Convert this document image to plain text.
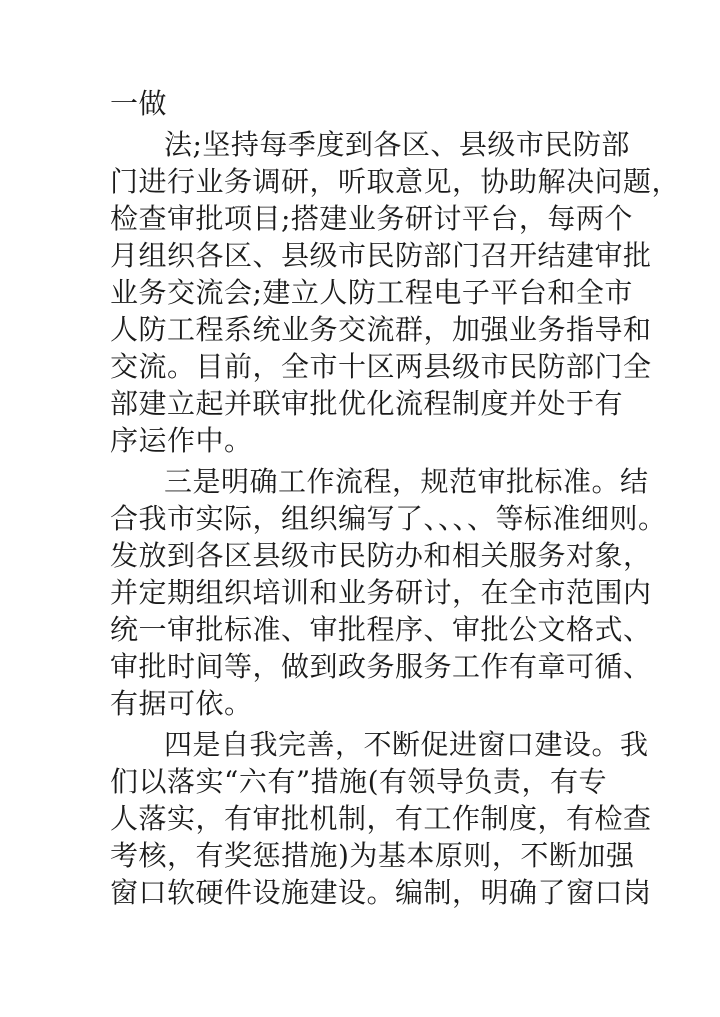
一做
法;坚持每季度到各区、县级市民防部
门进行业务调研，听取意见，协助解决问题，
检查审批项目;搭建业务研讨平台，每两个
月组织各区、县级市民防部门召开结建审批
业务交流会;建立人防工程电子平台和全市
人防工程系统业务交流群，加强业务指导和
交流。目前，全市十区两县级市民防部门全
部建立起并联审批优化流程制度并处于有
序运作中。
三是明确工作流程，规范审批标准。结
合我市实际，组织编写了、、、、等标准细则。
发放到各区县级市民防办和相关服务对象，
并定期组织培训和业务研讨，在全市范围内
统一审批标准、审批程序、审批公文格式、
审批时间等，做到政务服务工作有章可循、
有据可依。
四是自我完善，不断促进窗口建设。我
们以落实“六有”措施(有领导负责，有专
人落实，有审批机制，有工作制度，有检查
考核，有奖惩措施)为基本原则，不断加强
窗口软硬件设施建设。编制，明确了窗口岗
